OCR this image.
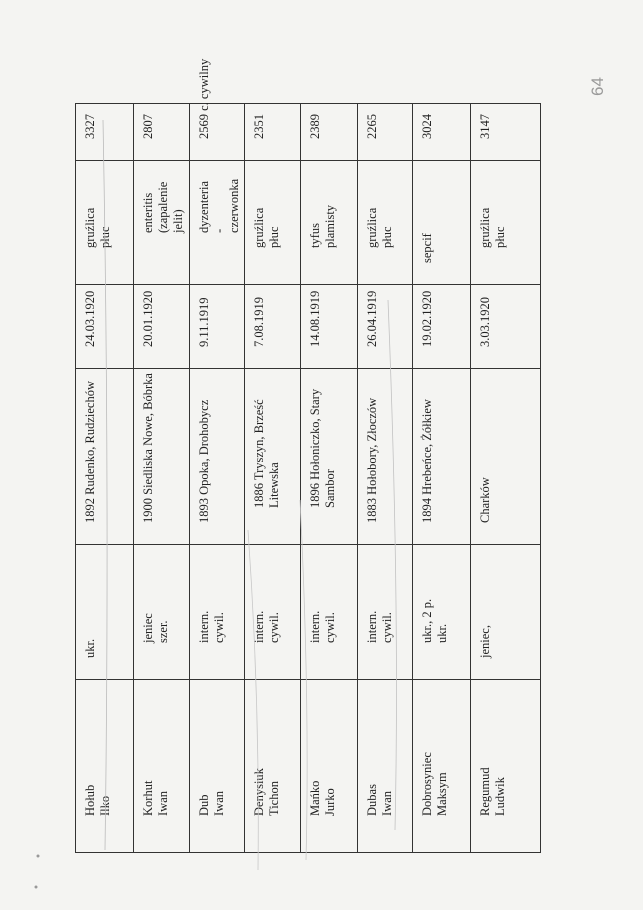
64
Hołub Ilko
ukr.
1892 Rudenko, Rudziechów
24.03.1920
gruźlica płuc
3327
Korhut Iwan
jeniec szer.
1900 Siedliska Nowe, Bóbrka
20.01.1920
enteritis (zapalenie jelit)
2807
Dub Iwan
intern. cywil.
1893 Opoka, Drohobycz
9.11.1919
dyzenteria - czerwonka
2569 c. cywilny
Denysiuk Tichon
intern. cywil.
1886 Tryszyn, Brześć Litewska
7.08.1919
gruźlica płuc
2351
Mańko Jurko
intern. cywil.
1896 Hołoniczko, Stary Sambor
14.08.1919
tyfus plamisty
2389
Dubas Iwan
intern. cywil.
1883 Hołobory, Złoczów
26.04.1919
gruźlica płuc
2265
Dobrosyniec Maksym
ukr., 2 p. ukr.
1894 Hrebeńce, Żółkiew
19.02.1920
sepcif
3024
Regumud Ludwik
jeniec,
Charków
3.03.1920
gruźlica płuc
3147
